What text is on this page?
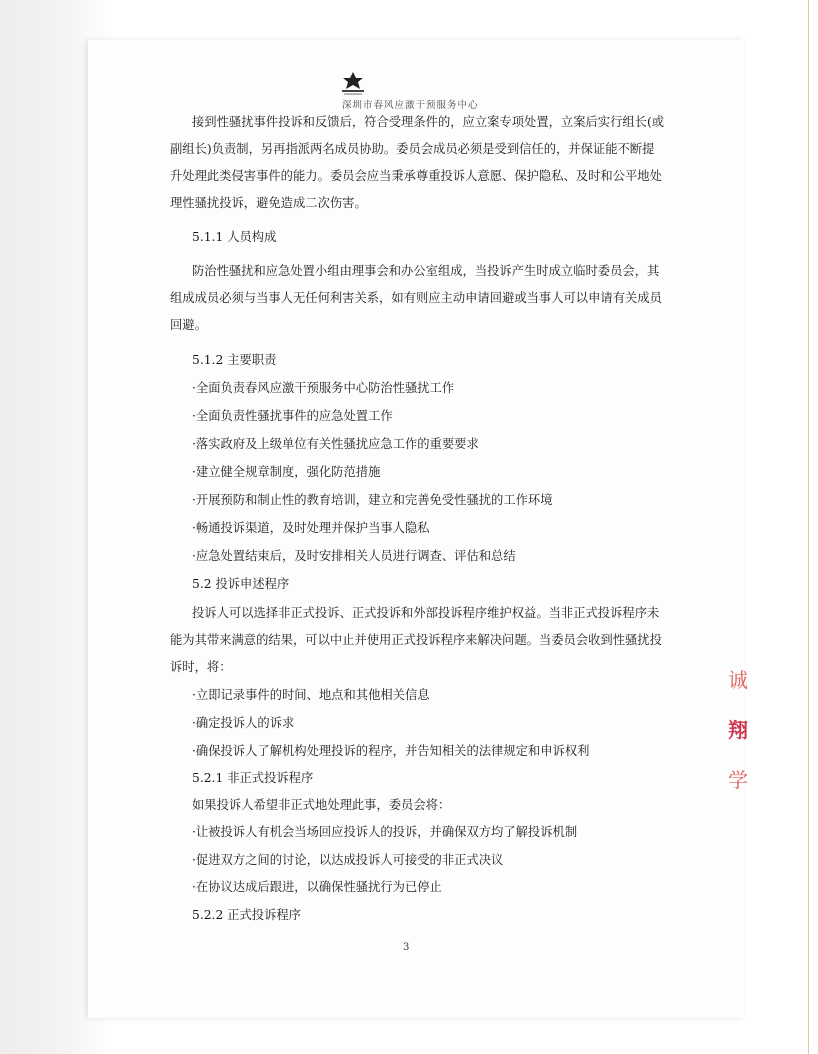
深圳市春风应激干预服务中心
接到性骚扰事件投诉和反馈后，符合受理条件的，应立案专项处置，立案后实行组长(或
副组长)负责制，另再指派两名成员协助。委员会成员必须是受到信任的，并保证能不断提
升处理此类侵害事件的能力。委员会应当秉承尊重投诉人意愿、保护隐私、及时和公平地处
理性骚扰投诉，避免造成二次伤害。
5.1.1 人员构成
防治性骚扰和应急处置小组由理事会和办公室组成，当投诉产生时成立临时委员会，其
组成成员必须与当事人无任何利害关系，如有则应主动申请回避或当事人可以申请有关成员
回避。
5.1.2 主要职责
·全面负责春风应激干预服务中心防治性骚扰工作
·全面负责性骚扰事件的应急处置工作
·落实政府及上级单位有关性骚扰应急工作的重要要求
·建立健全规章制度，强化防范措施
·开展预防和制止性的教育培训，建立和完善免受性骚扰的工作环境
·畅通投诉渠道，及时处理并保护当事人隐私
·应急处置结束后，及时安排相关人员进行调查、评估和总结
5.2 投诉申述程序
投诉人可以选择非正式投诉、正式投诉和外部投诉程序维护权益。当非正式投诉程序未
能为其带来满意的结果，可以中止并使用正式投诉程序来解决问题。当委员会收到性骚扰投
诉时，将：
·立即记录事件的时间、地点和其他相关信息
·确定投诉人的诉求
·确保投诉人了解机构处理投诉的程序，并告知相关的法律规定和申诉权利
5.2.1 非正式投诉程序
如果投诉人希望非正式地处理此事，委员会将：
·让被投诉人有机会当场回应投诉人的投诉，并确保双方均了解投诉机制
·促进双方之间的讨论，以达成投诉人可接受的非正式决议
·在协议达成后跟进，以确保性骚扰行为已停止
5.2.2 正式投诉程序
3
诚
翔
学
